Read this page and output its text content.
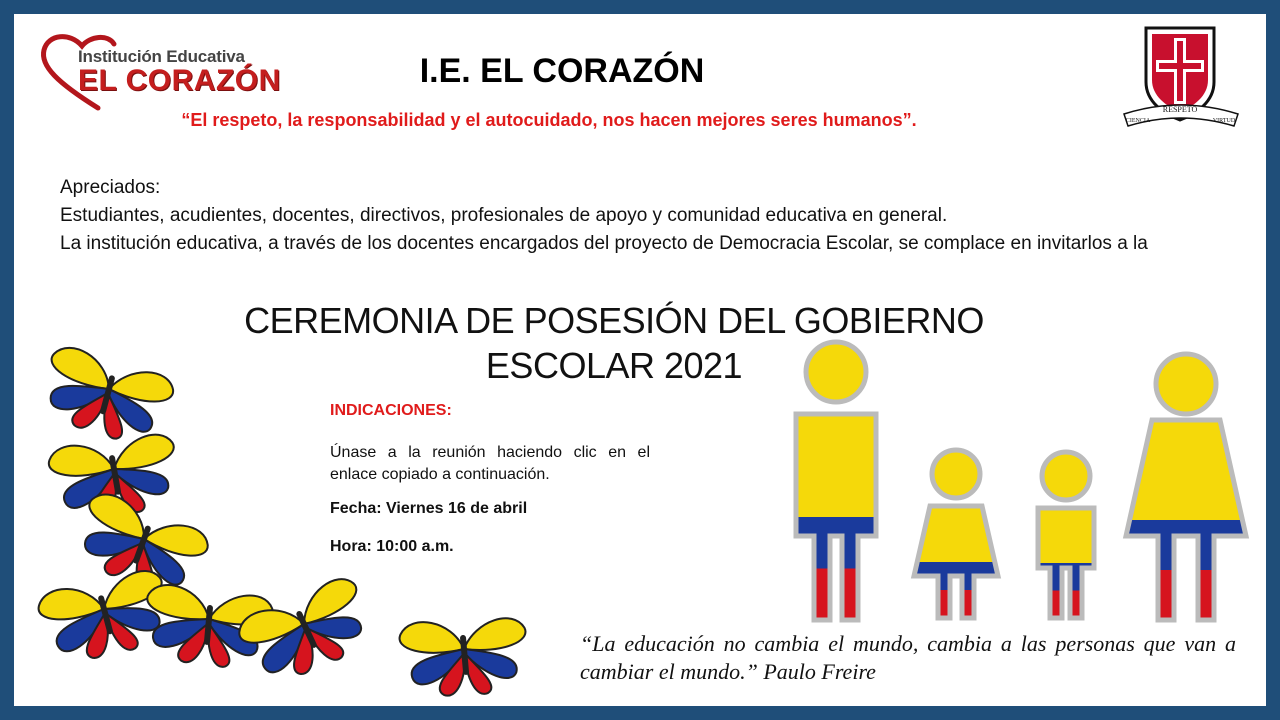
Institución Educativa
EL CORAZÓN	I.E. EL CORAZÓN
“El respeto, la responsabilidad y el autocuidado, nos hacen mejores seres humanos”.
RESPETO
CIENCIA	VIRTUD

Apreciados:

Estudiantes, acudientes, docentes, directivos, profesionales de apoyo y comunidad educativa en general.

La institución educativa, a través de los docentes encargados del proyecto de Democracia Escolar, se complace en invitarlos a la

CEREMONIA DE POSESIÓN DEL GOBIERNO
ESCOLAR 2021
INDICACIONES:
Únase a la reunión haciendo clic en el enlace copiado a continuación.
Fecha: Viernes 16 de abril
Hora: 10:00 a.m.
“La educación no cambia el mundo, cambia a las personas que van a cambiar el mundo.” Paulo Freire
